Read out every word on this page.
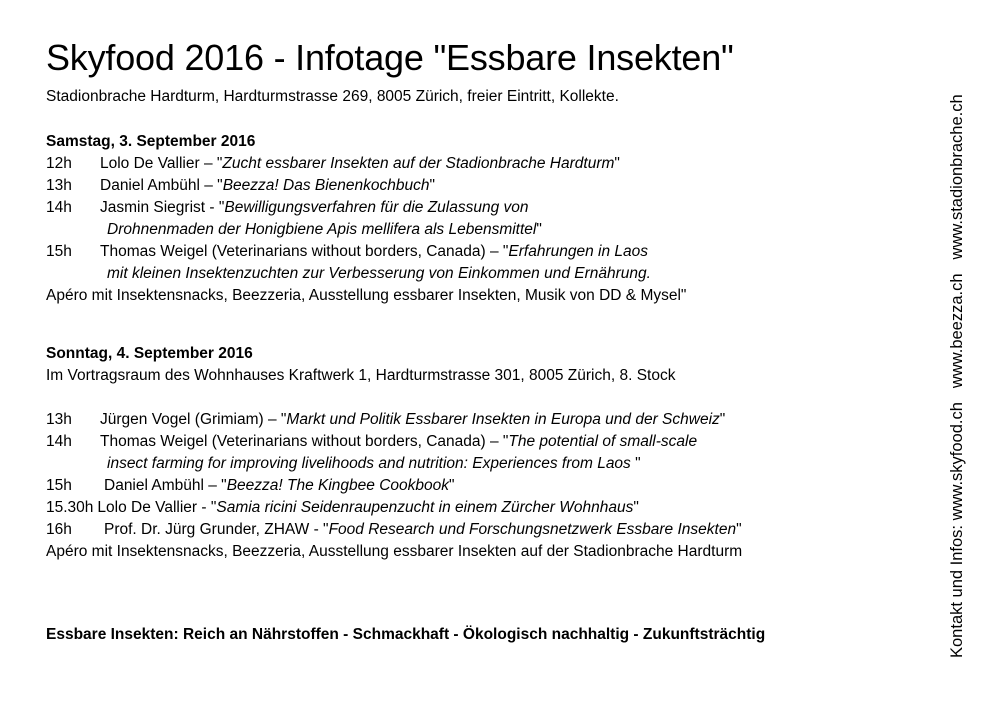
Skyfood 2016 - Infotage "Essbare Insekten"
Stadionbrache Hardturm, Hardturmstrasse 269, 8005 Zürich, freier Eintritt, Kollekte.
Samstag, 3. September 2016
12h Lolo De Vallier – "Zucht essbarer Insekten auf der Stadionbrache Hardturm"
13h Daniel Ambühl – "Beezza! Das Bienenkochbuch"
14h Jasmin Siegrist - "Bewilligungsverfahren für die Zulassung von
Drohnenmaden der Honigbiene Apis mellifera als Lebensmittel"
15h Thomas Weigel (Veterinarians without borders, Canada) – "Erfahrungen in Laos
mit kleinen Insektenzuchten zur Verbesserung von Einkommen und Ernährung.
Apéro mit Insektensnacks, Beezzeria, Ausstellung essbarer Insekten, Musik von DD & Mysel"
Sonntag, 4. September 2016
Im Vortragsraum des Wohnhauses Kraftwerk 1, Hardturmstrasse 301, 8005 Zürich, 8. Stock
13h Jürgen Vogel (Grimiam) – "Markt und Politik Essbarer Insekten in Europa und der Schweiz"
14h Thomas Weigel (Veterinarians without borders, Canada) – "The potential of small-scale
insect farming for improving livelihoods and nutrition: Experiences from Laos "
15h Daniel Ambühl – "Beezza! The Kingbee Cookbook"
15.30h Lolo De Vallier - "Samia ricini Seidenraupenzucht in einem Zürcher Wohnhaus"
16h Prof. Dr. Jürg Grunder, ZHAW - "Food Research und Forschungsnetzwerk Essbare Insekten"
Apéro mit Insektensnacks, Beezzeria, Ausstellung essbarer Insekten auf der Stadionbrache Hardturm
Essbare Insekten: Reich an Nährstoffen - Schmackhaft - Ökologisch nachhaltig - Zukunftsträchtig	Kontakt und Infos: www.skyfood.chwww.beezza.chwww.stadionbrache.ch
